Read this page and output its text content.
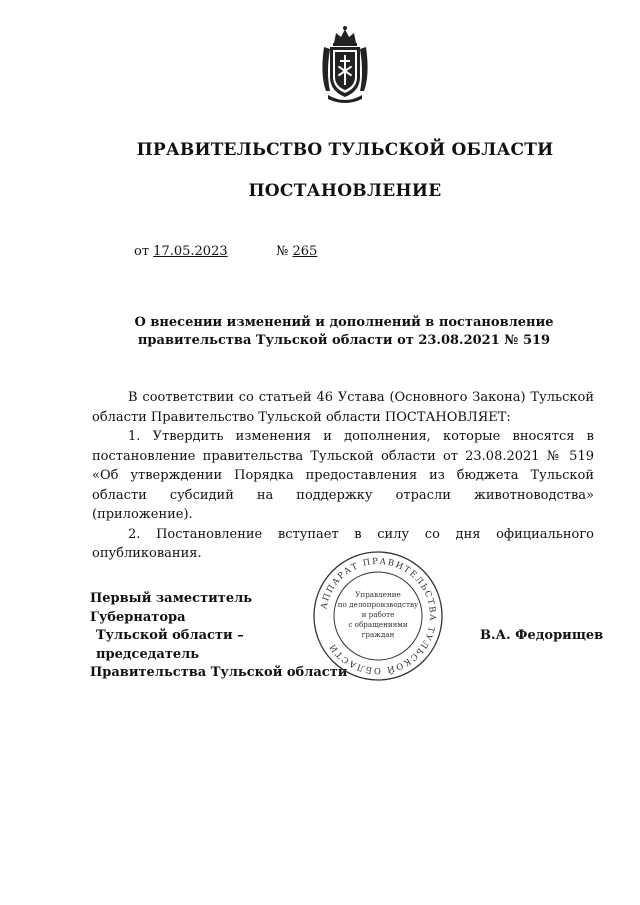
ПРАВИТЕЛЬСТВО ТУЛЬСКОЙ ОБЛАСТИ
ПОСТАНОВЛЕНИЕ
от 17.05.2023	№ 265
О внесении изменений и дополнений в постановление
правительства Тульской области от 23.08.2021 № 519

В соответствии со статьей 46 Устава (Основного Закона) Тульской области Правительство Тульской области ПОСТАНОВЛЯЕТ:

1. Утвердить изменения и дополнения, которые вносятся в постановление правительства Тульской области от 23.08.2021 № 519 «Об утверждении Порядка предоставления из бюджета Тульской области субсидий на поддержку отрасли животноводства» (приложение).

2. Постановление вступает в силу со дня официального опубликования.

Первый заместитель Губернатора
Тульской области – председатель
Правительства Тульской области
В.А. Федорищев
АППАРАТ ПРАВИТЕЛЬСТВА ТУЛЬСКОЙ ОБЛАСТИ
Управление
по делопроизводству
и работе
с обращениями
граждан
